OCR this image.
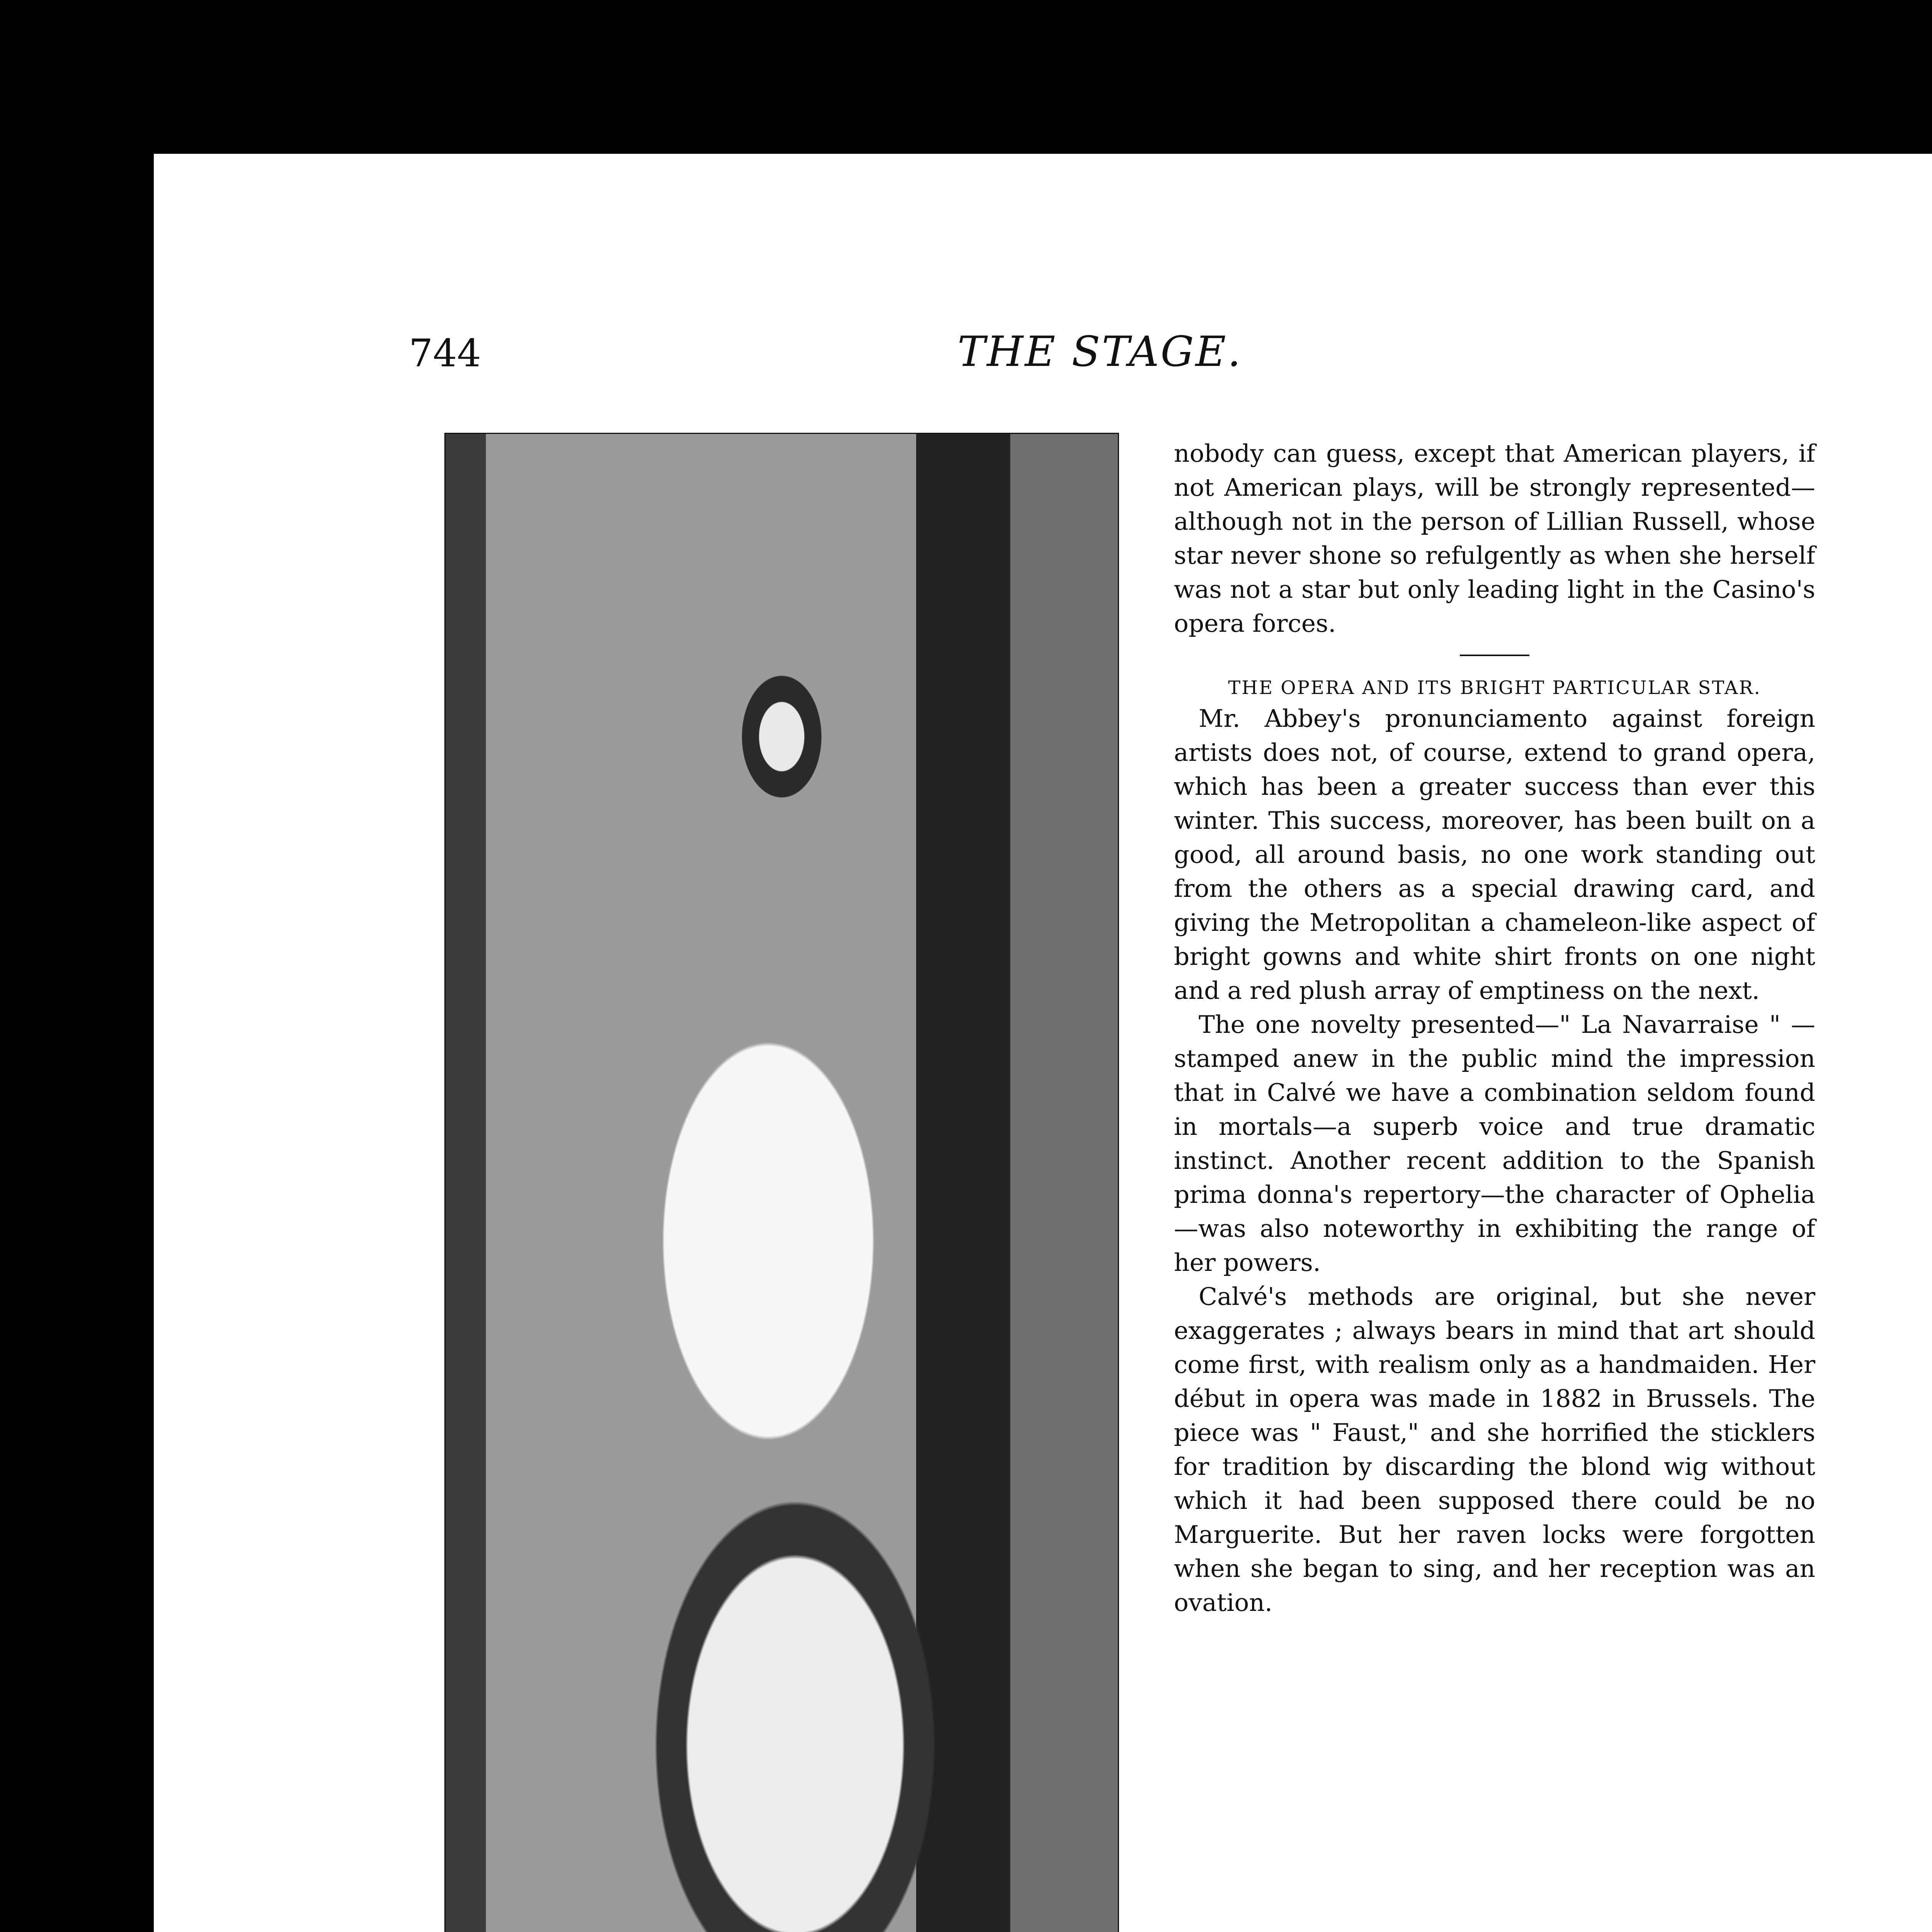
744	THE STAGE.

nobody can guess, except that American players, if not American plays, will be strongly represented—although not in the person of Lillian Russell, whose star never shone so refulgently as when she herself was not a star but only leading light in the Casino's opera forces.

THE OPERA AND ITS BRIGHT PARTICULAR STAR.

Mr. Abbey's pronunciamento against foreign artists does not, of course, extend to grand opera, which has been a greater success than ever this winter. This success, moreover, has been built on a good, all around basis, no one work standing out from the others as a special drawing card, and giving the Metropolitan a chameleon-like aspect of bright gowns and white shirt fronts on one night and a red plush array of emptiness on the next.

The one novelty presented—" La Navarraise " —stamped anew in the public mind the impression that in Calvé we have a combination seldom found in mortals—a superb voice and true dramatic instinct. Another recent addition to the Spanish prima donna's repertory—the character of Ophelia—was also noteworthy in exhibiting the range of her powers.

Calvé's methods are original, but she never exaggerates ; always bears in mind that art should come first, with realism only as a handmaiden. Her début in opera was made in 1882 in Brussels. The piece was " Faust," and she horrified the sticklers for tradition by discarding the blond wig without which it had been supposed there could be no Marguerite. But her raven locks were forgotten when she began to sing, and her reception was an ovation.
